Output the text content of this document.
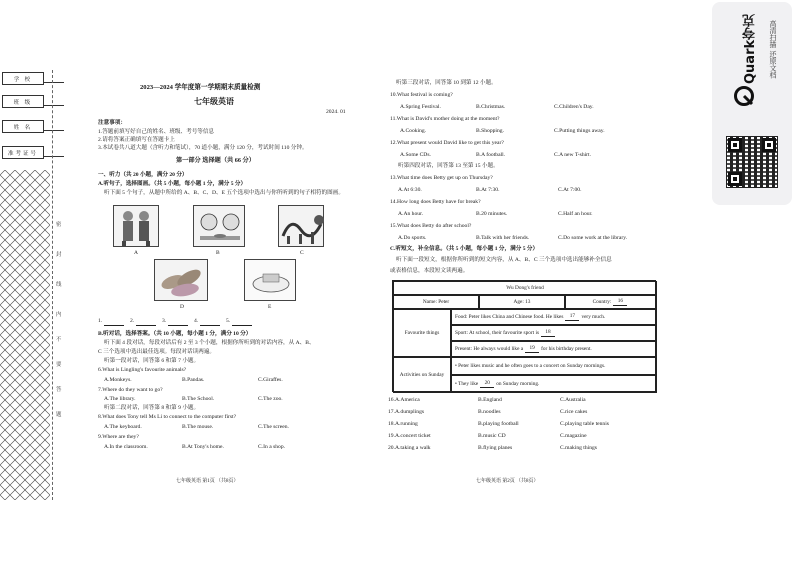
学 校
班 级
姓 名
准考证号
密
封
线
内
不
要
答
题
2023—2024 学年度第一学期期末质量检测
七年级英语
2024. 01
注意事项：
1.答题前填写好自己的姓名、班级、考号等信息
2.请将答案正确填写在答题卡上
3.本试卷共八道大题（含听力和笔试），70 道小题，满分 120 分，考试时间 110 分钟。
第一部分 选择题（共 66 分）
一、听力（共 20 小题，满分 20 分）
A.听句子，选择图画。（共 5 小题，每小题 1 分，满分 5 分）
听下面 5 个句子，从题中所给的 A、B、C、D、E 五个选项中选出与你所听到的句子相符的图画。
A	B	C
D	E
1.	2.	3.	4.	5.
B.听对话，选择答案。（共 10 小题，每小题 1 分，满分 10 分）
听下面 4 段对话，每段对话后有 2 至 3 个小题，根据你所听到的对话内容，从 A、B、
C 三个选项中选出最佳选项。每段对话读两遍。
听第一段对话，回答第 6 和第 7 小题。
6.What is Lingling's favourite animals?
A.Monkeys.	B.Pandas.	C.Giraffes.
7.Where do they want to go?
A.The library.	B.The School.	C.The zoo.
听第二段对话，回答第 8 和第 9 小题。
8.What does Tony tell Ms Li to connect to the computer first?
A.The keyboard.	B.The mouse.	C.The screen.
9.Where are they?
A.In the classroom.	B.At Tony's home.	C.In a shop.
七年级英语 第1页 （共8页）
听第三段对话，回答第 10 到第 12 小题。
10.What festival is coming?
A.Spring Festival.	B.Christmas.	C.Children's Day.
11.What is David's mother doing at the moment?
A.Cooking.	B.Shopping.	C.Putting things away.
12.What present would David like to get this year?
A.Some CDs.	B.A football.	C.A new T-shirt.
听第四段对话，回答第 13 至第 15 小题。
13.What time does Betty get up on Thursday?
A.At 6:30.	B.At 7:30.	C.At 7:00.
14.How long does Betty have for break?
A.An hour.	B.20 minutes.	C.Half an hour.
15.What does Betty do after school?
A.Do sports.	B.Talk with her friends.	C.Do some work at the library.
C.听短文，补全信息。（共 5 小题，每小题 1 分，满分 5 分）
听下面一段短文，根据你所听到的短文内容，从 A、B、C 三个选项中选出能够补全信息
或表格信息，本段短文读两遍。
Wu Dong's friend
Name: Peter	Age: 13	Country:	16
Favourite things
Food: Peter likes China and Chinese food. He likes	17	very much.
Sport: At school, their favourite sport is	18
Present: He always would like a	19	for his birthday present.
Activities on Sunday
• Peter likes music and he often goes to a concert on Sunday mornings.
• They like	20	on Sunday morning.
16.A.America	B.England	C.Australia
17.A.dumplings	B.noodles	C.rice cakes
18.A.running	B.playing football	C.playing table tennis
19.A.concert ticket	B.music CD	C.magazine
20.A.taking a walk	B.flying planes	C.making things
七年级英语 第2页 （共8页）
Quark夸克 高清扫描 还原文档
